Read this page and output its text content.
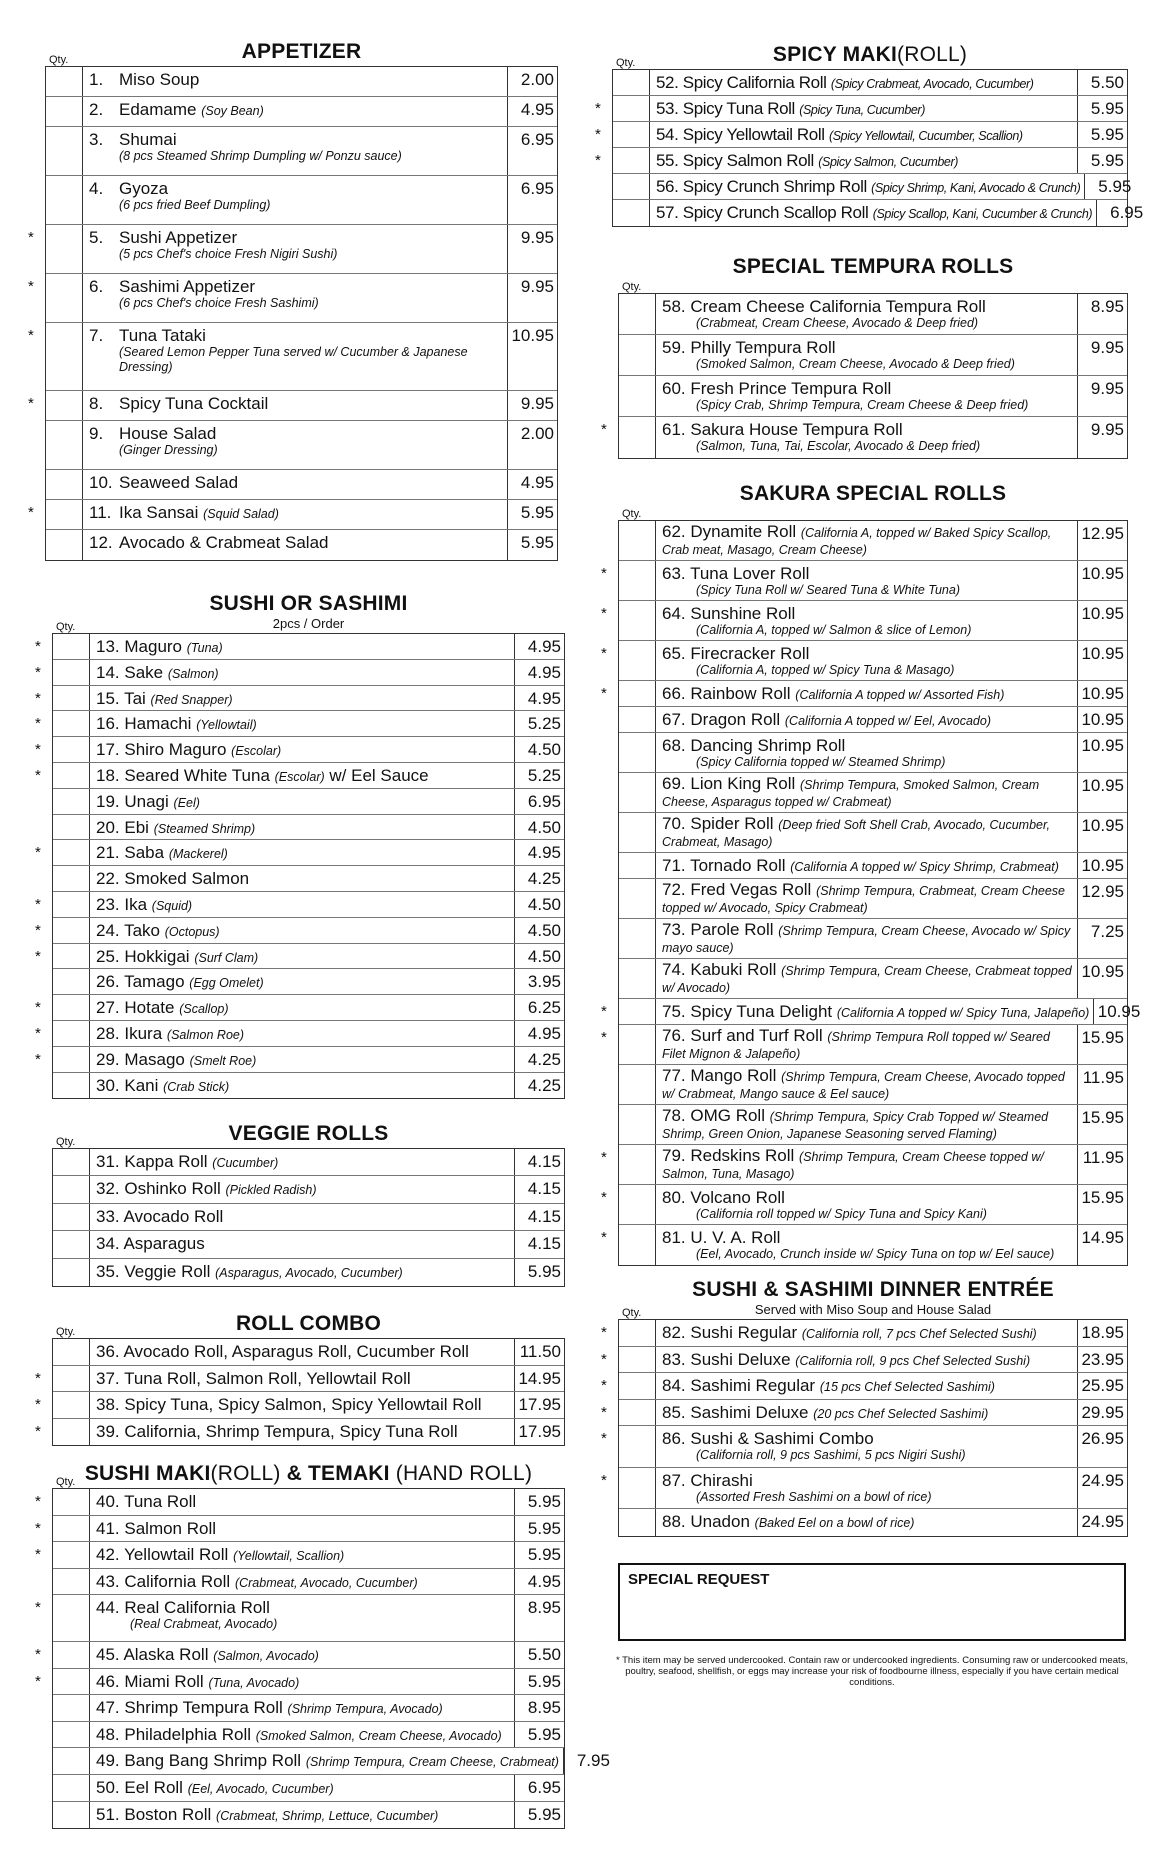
APPETIZER
Qty.
1. Miso Soup	2.00
2. Edamame (Soy Bean)	4.95
3. Shumai
(8 pcs Steamed Shrimp Dumpling w/ Ponzu sauce)
6.95
4. Gyoza
(6 pcs fried Beef Dumpling)
6.95
*	5. Sushi Appetizer
(5 pcs Chef's choice Fresh Nigiri Sushi)
9.95
*	6. Sashimi Appetizer
(6 pcs Chef's choice Fresh Sashimi)
9.95
*	7. Tuna Tataki
(Seared Lemon Pepper Tuna served w/ Cucumber & Japanese Dressing)
10.95
*	8. Spicy Tuna Cocktail	9.95
9. House Salad
(Ginger Dressing)
2.00
10. Seaweed Salad	4.95
*	11. Ika Sansai (Squid Salad)	5.95
12. Avocado & Crabmeat Salad	5.95
SUSHI OR SASHIMI
2pcs / Order
Qty.
*	13. Maguro (Tuna)	4.95
*	14. Sake (Salmon)	4.95
*	15. Tai (Red Snapper)	4.95
*	16. Hamachi (Yellowtail)	5.25
*	17. Shiro Maguro (Escolar)	4.50
*	18. Seared White Tuna (Escolar) w/ Eel Sauce	5.25
19. Unagi (Eel)	6.95
20. Ebi (Steamed Shrimp)	4.50
*	21. Saba (Mackerel)	4.95
22. Smoked Salmon	4.25
*	23. Ika (Squid)	4.50
*	24. Tako (Octopus)	4.50
*	25. Hokkigai (Surf Clam)	4.50
26. Tamago (Egg Omelet)	3.95
*	27. Hotate (Scallop)	6.25
*	28. Ikura (Salmon Roe)	4.95
*	29. Masago (Smelt Roe)	4.25
30. Kani (Crab Stick)	4.25
VEGGIE ROLLS
Qty.
31. Kappa Roll (Cucumber)	4.15
32. Oshinko Roll (Pickled Radish)	4.15
33. Avocado Roll	4.15
34. Asparagus	4.15
35. Veggie Roll (Asparagus, Avocado, Cucumber)	5.95
ROLL COMBO
Qty.
36. Avocado Roll, Asparagus Roll, Cucumber Roll	11.50
*	37. Tuna Roll, Salmon Roll, Yellowtail Roll	14.95
*	38. Spicy Tuna, Spicy Salmon, Spicy Yellowtail Roll	17.95
*	39. California, Shrimp Tempura, Spicy Tuna Roll	17.95
SUSHI MAKI(ROLL) & TEMAKI (HAND ROLL)
Qty.
*	40. Tuna Roll	5.95
*	41. Salmon Roll	5.95
*	42. Yellowtail Roll (Yellowtail, Scallion)	5.95
43. California Roll (Crabmeat, Avocado, Cucumber)	4.95
*	44. Real California Roll
(Real Crabmeat, Avocado)
8.95
*	45. Alaska Roll (Salmon, Avocado)	5.50
*	46. Miami Roll (Tuna, Avocado)	5.95
47. Shrimp Tempura Roll (Shrimp Tempura, Avocado)	8.95
48. Philadelphia Roll (Smoked Salmon, Cream Cheese, Avocado)	5.95
49. Bang Bang Shrimp Roll (Shrimp Tempura, Cream Cheese, Crabmeat)	7.95
50. Eel Roll (Eel, Avocado, Cucumber)	6.95
51. Boston Roll (Crabmeat, Shrimp, Lettuce, Cucumber)	5.95
SPICY MAKI(ROLL)
Qty.
52. Spicy California Roll (Spicy Crabmeat, Avocado, Cucumber)	5.50
*	53. Spicy Tuna Roll (Spicy Tuna, Cucumber)	5.95
*	54. Spicy Yellowtail Roll (Spicy Yellowtail, Cucumber, Scallion)	5.95
*	55. Spicy Salmon Roll (Spicy Salmon, Cucumber)	5.95
56. Spicy Crunch Shrimp Roll (Spicy Shrimp, Kani, Avocado & Crunch)	5.95
57. Spicy Crunch Scallop Roll (Spicy Scallop, Kani, Cucumber & Crunch)	6.95
SPECIAL TEMPURA ROLLS
Qty.
58. Cream Cheese California Tempura Roll
(Crabmeat, Cream Cheese, Avocado & Deep fried)
8.95
59. Philly Tempura Roll
(Smoked Salmon, Cream Cheese, Avocado & Deep fried)
9.95
60. Fresh Prince Tempura Roll
(Spicy Crab, Shrimp Tempura, Cream Cheese & Deep fried)
9.95
*	61. Sakura House Tempura Roll
(Salmon, Tuna, Tai, Escolar, Avocado & Deep fried)
9.95
SAKURA SPECIAL ROLLS
Qty.
62. Dynamite Roll (California A, topped w/ Baked Spicy Scallop, Crab meat, Masago, Cream Cheese)
12.95
*	63. Tuna Lover Roll
(Spicy Tuna Roll w/ Seared Tuna & White Tuna)
10.95
*	64. Sunshine Roll
(California A, topped w/ Salmon & slice of Lemon)
10.95
*	65. Firecracker Roll
(California A, topped w/ Spicy Tuna & Masago)
10.95
*	66. Rainbow Roll (California A topped w/ Assorted Fish)	10.95
67. Dragon Roll (California A topped w/ Eel, Avocado)	10.95
68. Dancing Shrimp Roll
(Spicy California topped w/ Steamed Shrimp)
10.95
69. Lion King Roll (Shrimp Tempura, Smoked Salmon, Cream Cheese, Asparagus topped w/ Crabmeat)
10.95
70. Spider Roll (Deep fried Soft Shell Crab, Avocado, Cucumber, Crabmeat, Masago)
10.95
71. Tornado Roll (California A topped w/ Spicy Shrimp, Crabmeat)	10.95
72. Fred Vegas Roll (Shrimp Tempura, Crabmeat, Cream Cheese topped w/ Avocado, Spicy Crabmeat)
12.95
73. Parole Roll (Shrimp Tempura, Cream Cheese, Avocado w/ Spicy mayo sauce)
7.25
74. Kabuki Roll (Shrimp Tempura, Cream Cheese, Crabmeat topped w/ Avocado)
10.95
*	75. Spicy Tuna Delight (California A topped w/ Spicy Tuna, Jalapeño) 10.95
*	76. Surf and Turf Roll (Shrimp Tempura Roll topped w/ Seared Filet Mignon & Jalapeño)
15.95
77. Mango Roll (Shrimp Tempura, Cream Cheese, Avocado topped w/ Crabmeat, Mango sauce & Eel sauce)
11.95
78. OMG Roll (Shrimp Tempura, Spicy Crab Topped w/ Steamed Shrimp, Green Onion, Japanese Seasoning served Flaming)
15.95
*	79. Redskins Roll (Shrimp Tempura, Cream Cheese topped w/ Salmon, Tuna, Masago)
11.95
*	80. Volcano Roll
(California roll topped w/ Spicy Tuna and Spicy Kani)
15.95
*	81. U. V. A. Roll
(Eel, Avocado, Crunch inside w/ Spicy Tuna on top w/ Eel sauce)
14.95
SUSHI & SASHIMI DINNER ENTRÉE
Served with Miso Soup and House Salad
Qty.
*	82. Sushi Regular (California roll, 7 pcs Chef Selected Sushi)	18.95
*	83. Sushi Deluxe (California roll, 9 pcs Chef Selected Sushi)	23.95
*	84. Sashimi Regular (15 pcs Chef Selected Sashimi)	25.95
*	85. Sashimi Deluxe (20 pcs Chef Selected Sashimi)	29.95
*	86. Sushi & Sashimi Combo
(California roll, 9 pcs Sashimi, 5 pcs Nigiri Sushi)
26.95
*	87. Chirashi
(Assorted Fresh Sashimi on a bowl of rice)
24.95
88. Unadon (Baked Eel on a bowl of rice)	24.95
SPECIAL REQUEST
* This item may be served undercooked. Contain raw or undercooked ingredients. Consuming raw or undercooked meats, poultry, seafood, shellfish, or eggs may increase your risk of foodbourne illness, especially if you have certain medical conditions.
